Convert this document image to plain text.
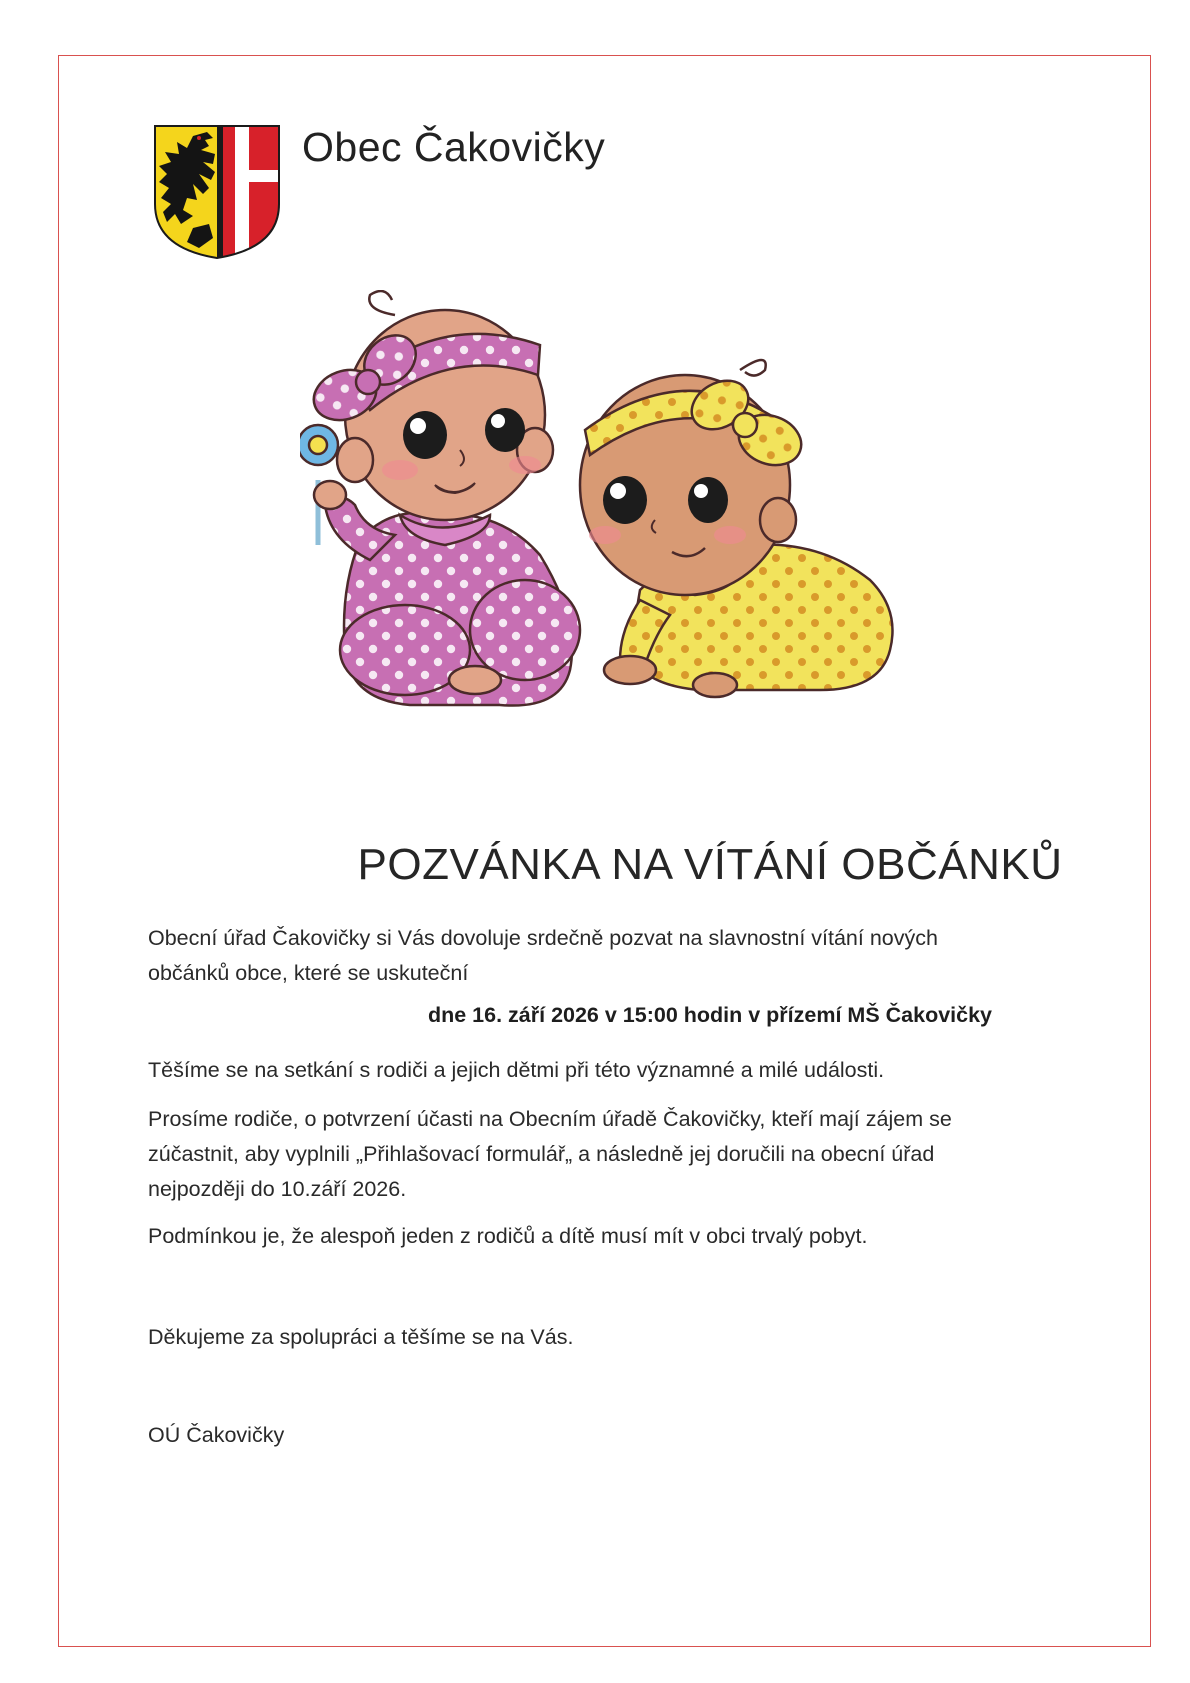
Obec Čakovičky
POZVÁNKA NA VÍTÁNÍ OBČÁNKŮ
Obecní úřad Čakovičky si Vás dovoluje srdečně pozvat na slavnostní vítání nových
občánků obce, které se uskuteční
dne 16. září 2026 v 15:00 hodin v přízemí MŠ Čakovičky
Těšíme se na setkání s rodiči a jejich dětmi při této významné a milé události.
Prosíme rodiče, o potvrzení účasti na Obecním úřadě Čakovičky, kteří mají zájem se
zúčastnit, aby vyplnili „Přihlašovací formulář„ a následně jej doručili na obecní úřad
nejpozději do 10.září 2026.
Podmínkou je, že alespoň jeden z rodičů a dítě musí mít v obci trvalý pobyt.
Děkujeme za spolupráci a těšíme se na Vás.
OÚ Čakovičky
